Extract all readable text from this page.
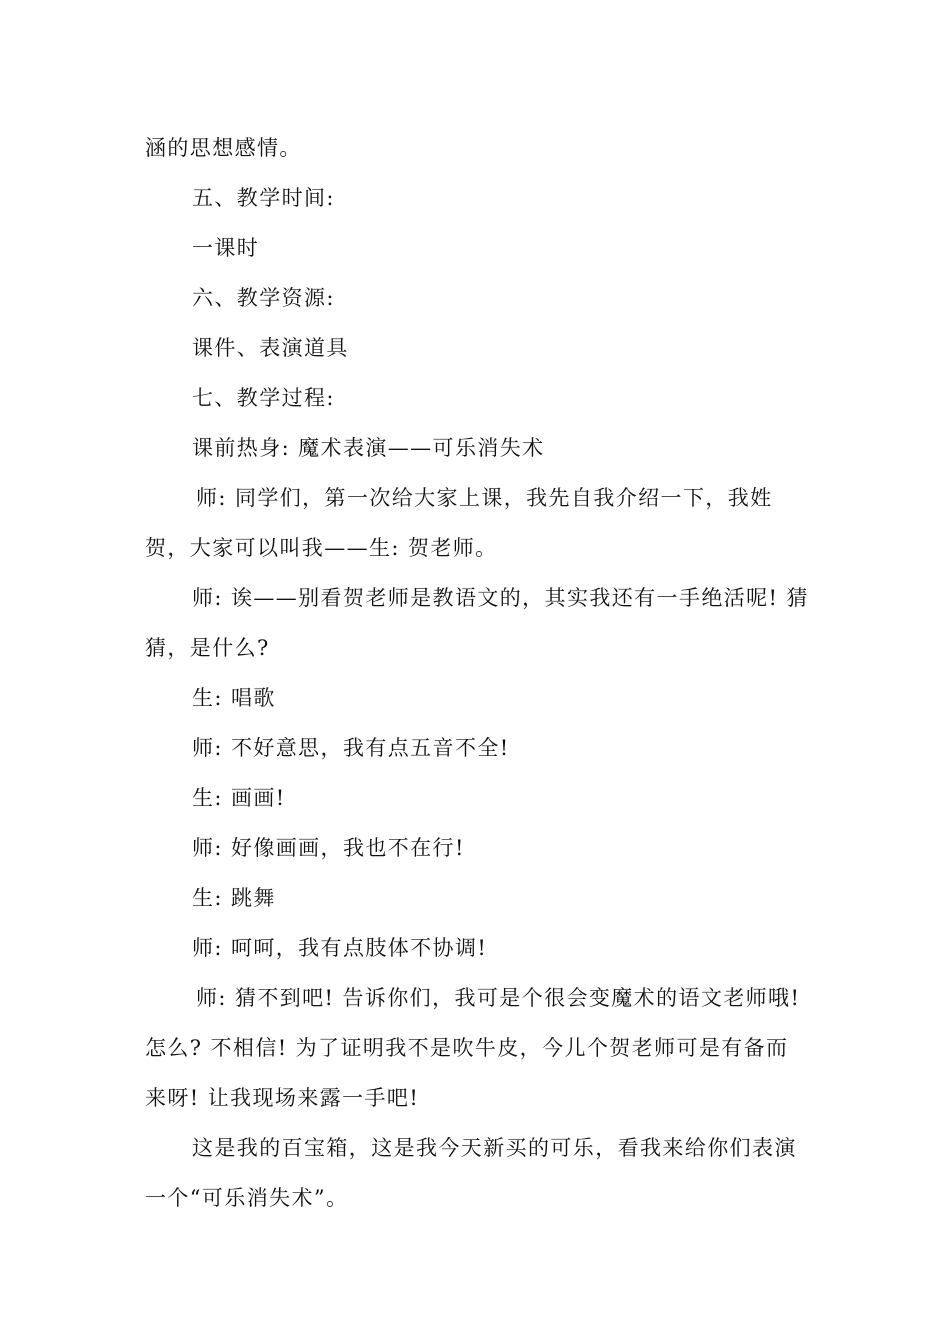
涵的思想感情。

五、教学时间:

一课时

六、教学资源:

课件、表演道具

七、教学过程:

课前热身: 魔术表演——可乐消失术

师: 同学们，第一次给大家上课，我先自我介绍一下，我姓贺，大家可以叫我——生: 贺老师。

师: 诶——别看贺老师是教语文的，其实我还有一手绝活呢! 猜猜，是什么?

生: 唱歌

师: 不好意思，我有点五音不全!

生: 画画!

师: 好像画画，我也不在行!

生: 跳舞

师: 呵呵，我有点肢体不协调!

师: 猜不到吧! 告诉你们，我可是个很会变魔术的语文老师哦! 怎么? 不相信! 为了证明我不是吹牛皮，今儿个贺老师可是有备而来呀! 让我现场来露一手吧!

这是我的百宝箱，这是我今天新买的可乐，看我来给你们表演一个“可乐消失术”。
